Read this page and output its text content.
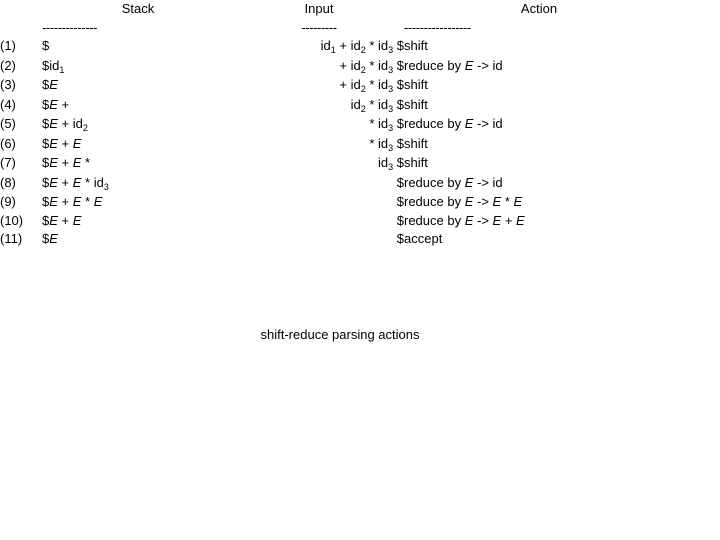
	Stack	Input	Action
	--------------	---------	-----------------
(1)	$	$id_1 + id_2 * id_3$ $	shift
(2)	$\$id_1$	+ $id_2 * id_3$ $	reduce by E -> id
(3)	$E	+ $id_2 * id_3$ $	shift
(4)	$E +	$id_2 * id_3$ $	shift
(5)	$E + $id_2$	* $id_3$ $	reduce by E -> id
(6)	$E + E	* $id_3$ $	shift
(7)	$E + E *	$id_3$ $	shift
(8)	$E + E * $id_3$	$	reduce by E -> id
(9)	$E + E * E	$	reduce by E -> E * E
(10)	$E + E	$	reduce by E -> E + E
(11)	$E	$	accept
shift-reduce parsing actions
